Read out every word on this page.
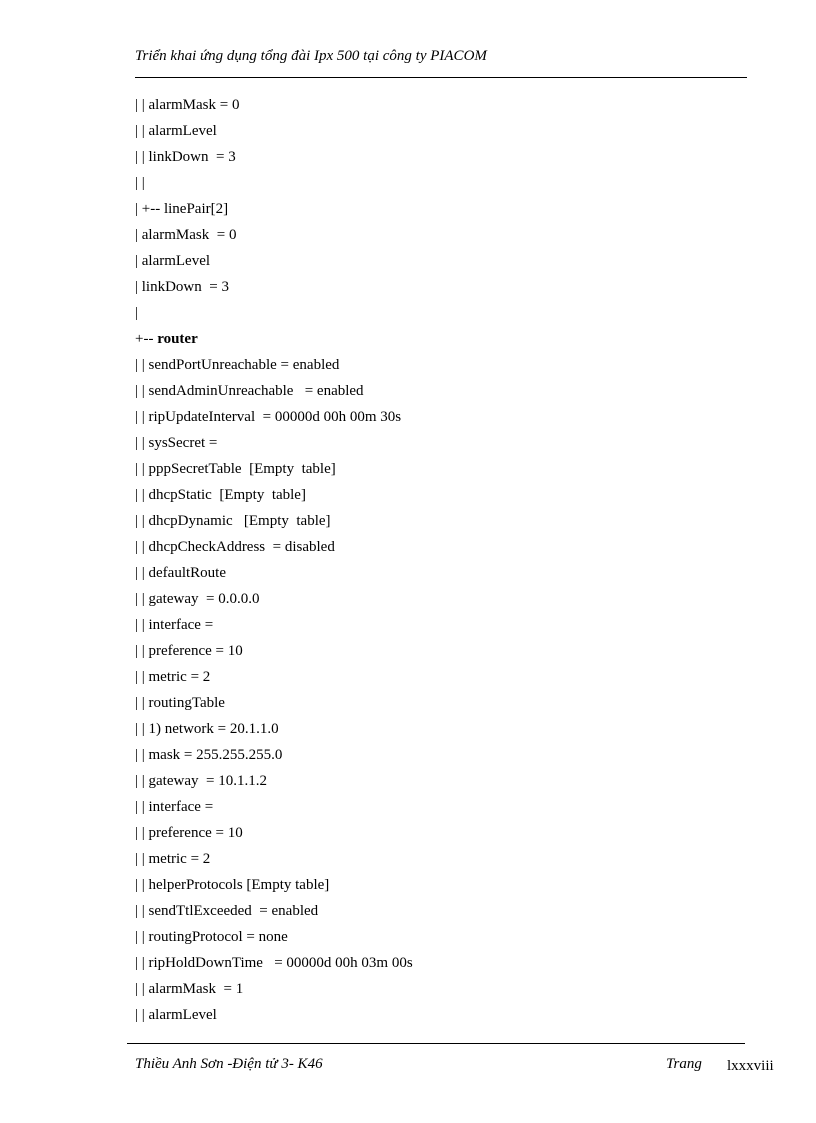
Triển khai ứng dụng tổng đài Ipx 500 tại công ty PIACOM
| | alarmMask = 0
| | alarmLevel
| | linkDown  = 3
| |
| +-- linePair[2]
| alarmMask  = 0
| alarmLevel
| linkDown  = 3
|
+-- router
| | sendPortUnreachable = enabled
| | sendAdminUnreachable   = enabled
| | ripUpdateInterval  = 00000d 00h 00m 30s
| | sysSecret =
| | pppSecretTable  [Empty  table]
| | dhcpStatic  [Empty  table]
| | dhcpDynamic   [Empty  table]
| | dhcpCheckAddress  = disabled
| | defaultRoute
| | gateway  = 0.0.0.0
| | interface =
| | preference = 10
| | metric = 2
| | routingTable
| | 1) network = 20.1.1.0
| | mask = 255.255.255.0
| | gateway  = 10.1.1.2
| | interface =
| | preference = 10
| | metric = 2
| | helperProtocols [Empty table]
| | sendTtlExceeded  = enabled
| | routingProtocol = none
| | ripHoldDownTime   = 00000d 00h 03m 00s
| | alarmMask  = 1
| | alarmLevel
Thiều Anh Sơn -Điện tử 3- K46	Trang lxxxviii
